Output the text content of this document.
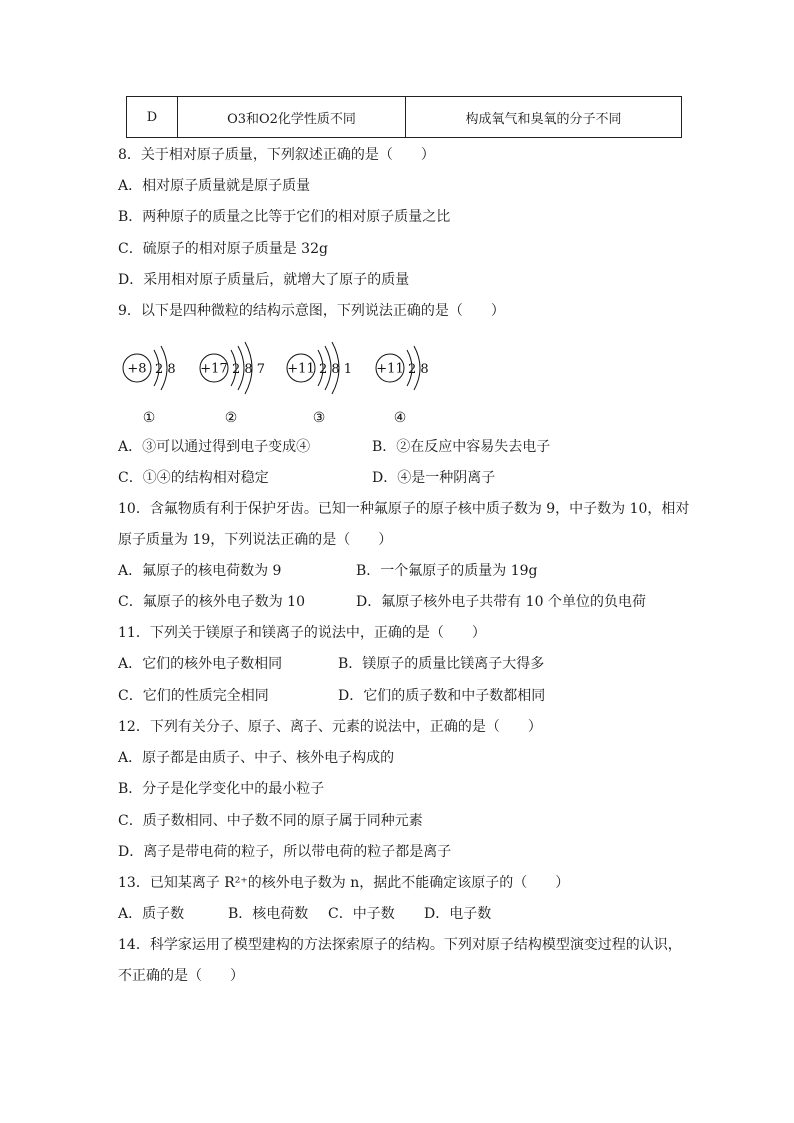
D	O3和O2化学性质不同	构成氧气和臭氧的分子不同
8．关于相对原子质量，下列叙述正确的是（　　）
A．相对原子质量就是原子质量
B．两种原子的质量之比等于它们的相对原子质量之比
C．硫原子的相对原子质量是 32g
D．采用相对原子质量后，就增大了原子的质量
9．以下是四种微粒的结构示意图，下列说法正确的是（　　）
+8 2 8
①
+17 2 8 7
②
+11 2 8 1
③
+11 2 8
④
A．③可以通过得到电子变成④	B．②在反应中容易失去电子
C．①④的结构相对稳定	D．④是一种阴离子
10．含氟物质有利于保护牙齿。已知一种氟原子的原子核中质子数为 9，中子数为 10，相对
原子质量为 19，下列说法正确的是（　　）
A．氟原子的核电荷数为 9	B．一个氟原子的质量为 19g
C．氟原子的核外电子数为 10	D．氟原子核外电子共带有 10 个单位的负电荷
11．下列关于镁原子和镁离子的说法中，正确的是（　　）
A．它们的核外电子数相同	B．镁原子的质量比镁离子大得多
C．它们的性质完全相同	D．它们的质子数和中子数都相同
12．下列有关分子、原子、离子、元素的说法中，正确的是（　　）
A．原子都是由质子、中子、核外电子构成的
B．分子是化学变化中的最小粒子
C．质子数相同、中子数不同的原子属于同种元素
D．离子是带电荷的粒子，所以带电荷的粒子都是离子
13．已知某离子 R²⁺的核外电子数为 n，据此不能确定该原子的（　　）
A．质子数	B．核电荷数 C．中子数 D．电子数
14．科学家运用了模型建构的方法探索原子的结构。下列对原子结构模型演变过程的认识，
不正确的是（　　）
